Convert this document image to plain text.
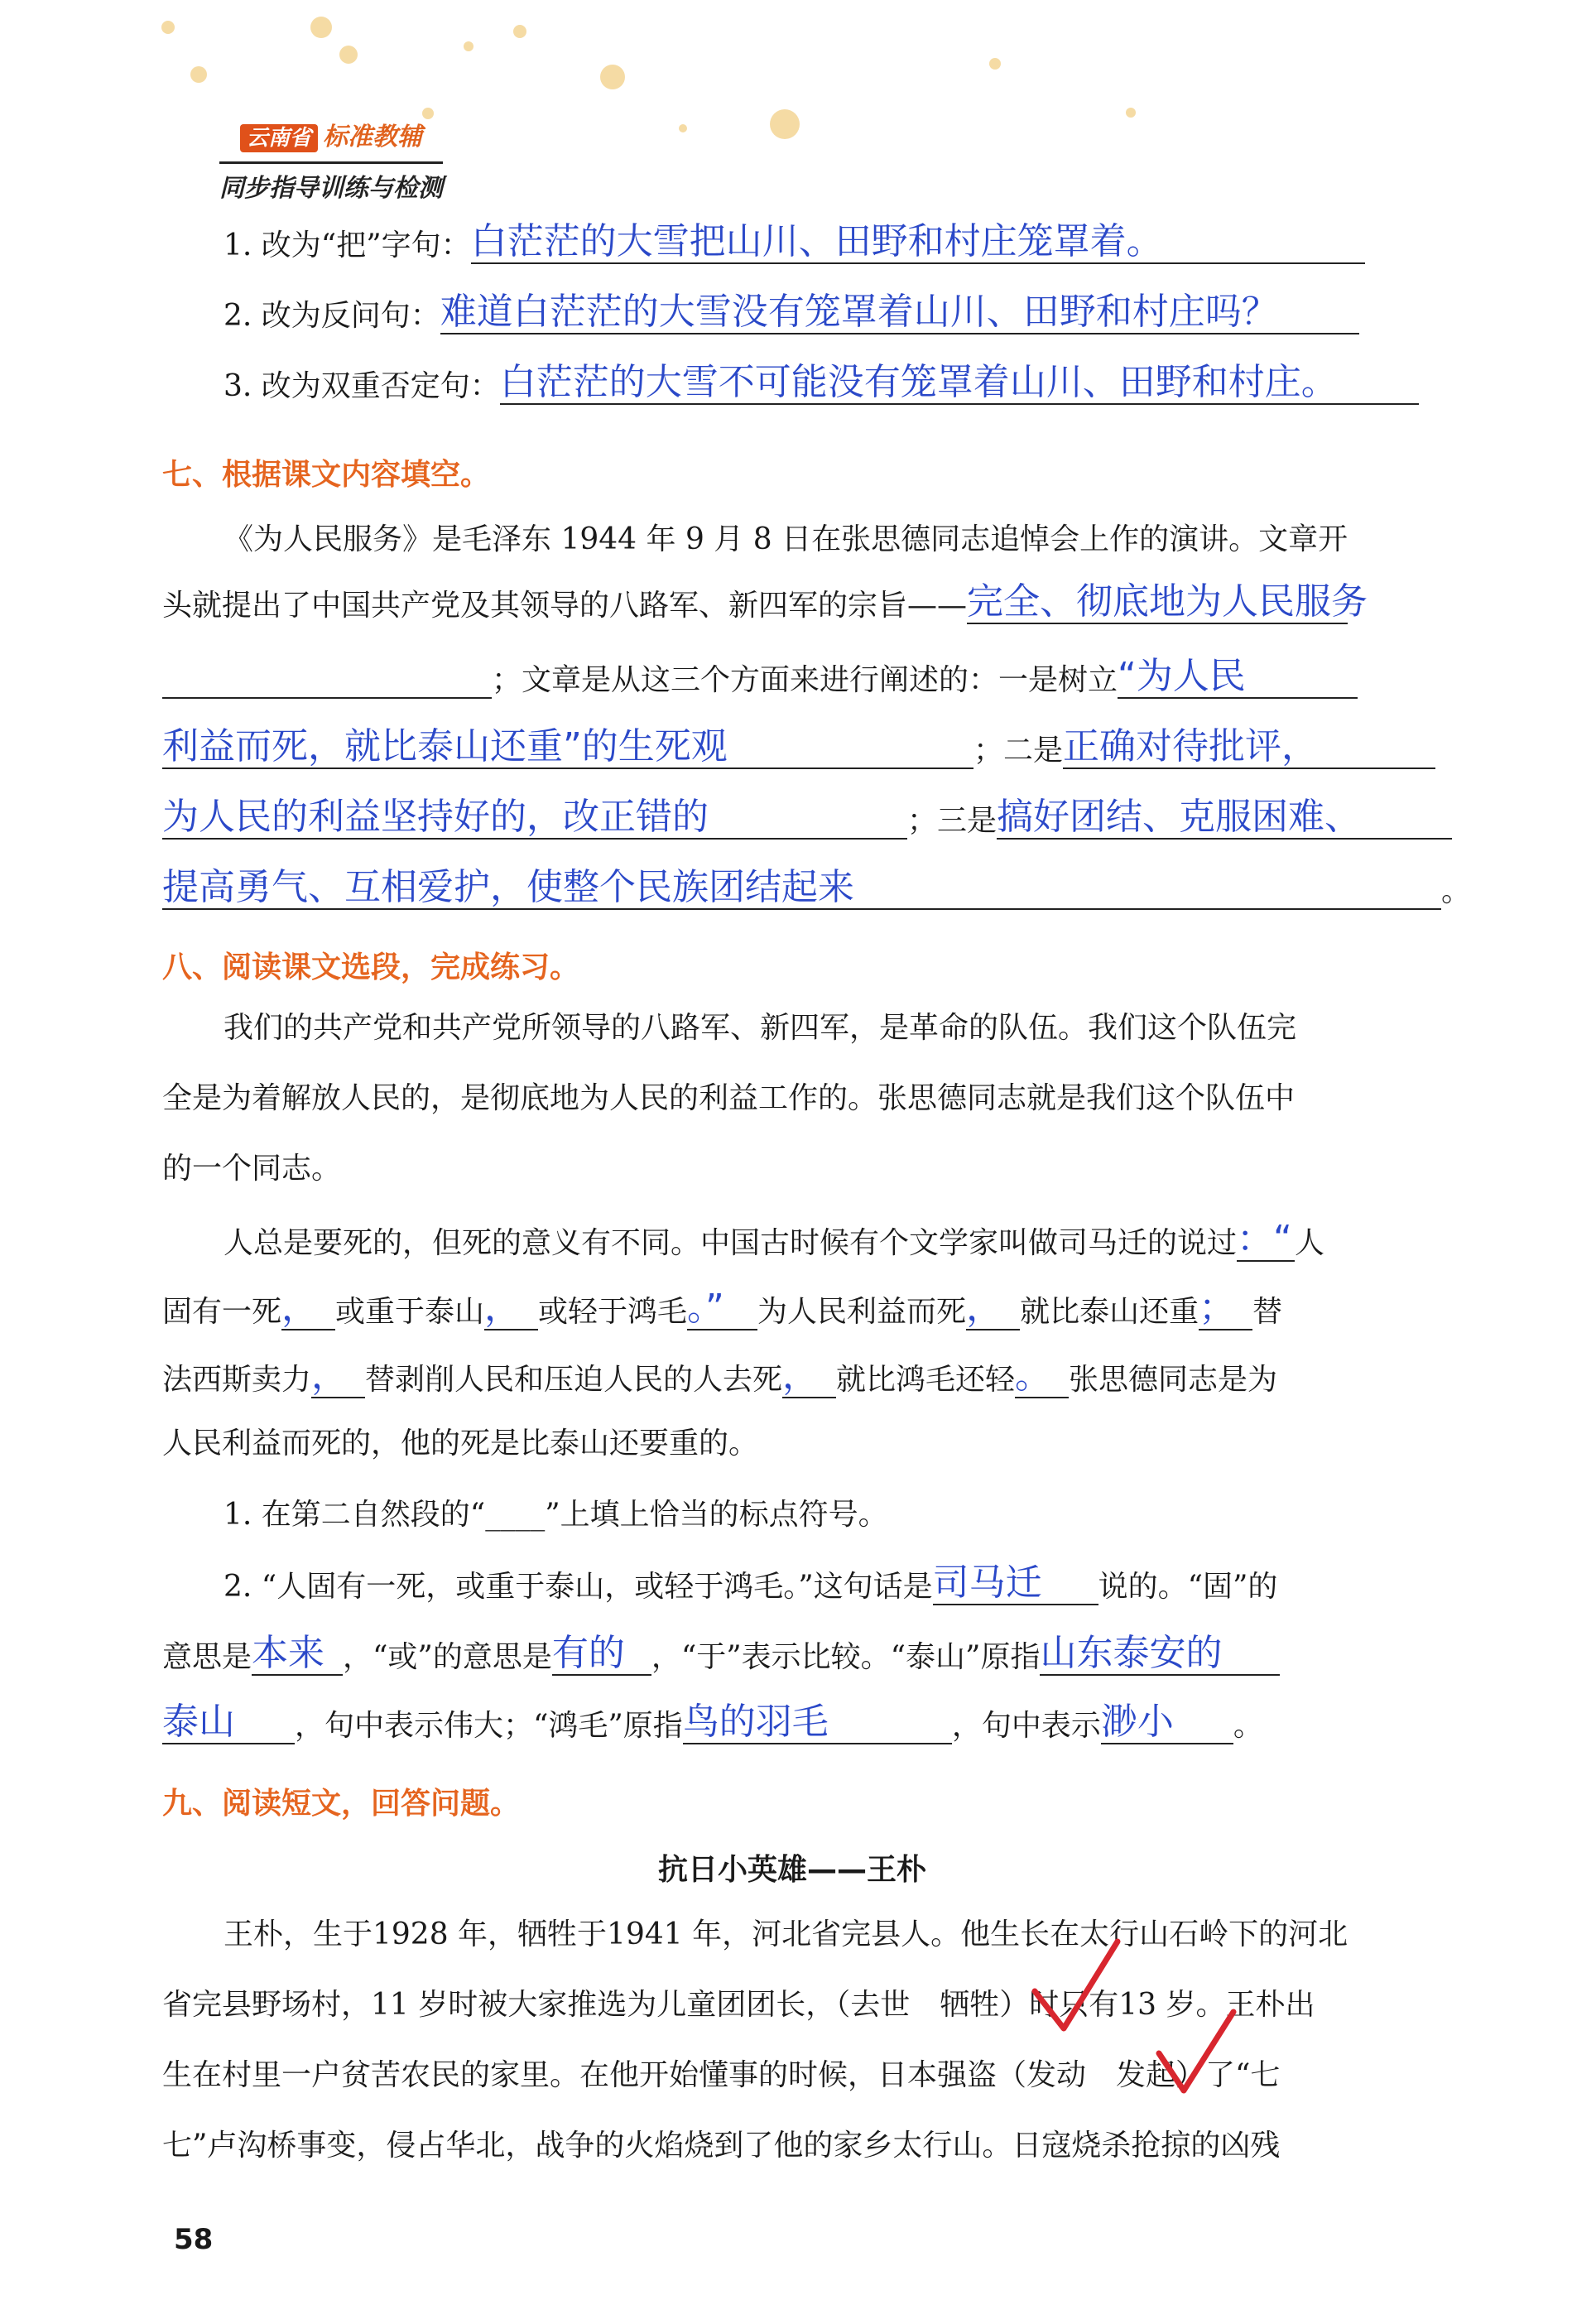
云南省 标准教辅
同步指导训练与检测
1. 改为“把”字句：白茫茫的大雪把山川、田野和村庄笼罩着。
2. 改为反问句：难道白茫茫的大雪没有笼罩着山川、田野和村庄吗？
3. 改为双重否定句：白茫茫的大雪不可能没有笼罩着山川、田野和村庄。
七、根据课文内容填空。
《为人民服务》是毛泽东 1944 年 9 月 8 日在张思德同志追悼会上作的演讲。文章开
头就提出了中国共产党及其领导的八路军、新四军的宗旨——完全、彻底地为人民服务
；文章是从这三个方面来进行阐述的：一是树立“为人民
利益而死，就比泰山还重”的生死观	；二是正确对待批评，
为人民的利益坚持好的，改正错的	；三是搞好团结、克服困难、
提高勇气、互相爱护，使整个民族团结起来	。
八、阅读课文选段，完成练习。
我们的共产党和共产党所领导的八路军、新四军，是革命的队伍。我们这个队伍完
全是为着解放人民的，是彻底地为人民的利益工作的。张思德同志就是我们这个队伍中
的一个同志。
人总是要死的，但死的意义有不同。中国古时候有个文学家叫做司马迁的说过：“人
固有一死， 或重于泰山， 或轻于鸿毛。” 为人民利益而死， 就比泰山还重； 替
法西斯卖力， 替剥削人民和压迫人民的人去死， 就比鸿毛还轻。 张思德同志是为
人民利益而死的，他的死是比泰山还要重的。
1. 在第二自然段的“____”上填上恰当的标点符号。
2. “人固有一死，或重于泰山，或轻于鸿毛。”这句话是司马迁 说的。“固”的
意思是本来 ，“或”的意思是有的 ，“于”表示比较。“泰山”原指山东泰安的
泰山 ，句中表示伟大；“鸿毛”原指鸟的羽毛	，句中表示渺小 。
九、阅读短文，回答问题。
抗日小英雄——王朴
王朴，生于1928 年，牺牲于1941 年，河北省完县人。他生长在太行山石岭下的河北
省完县野场村，11 岁时被大家推选为儿童团团长，（去世　牺牲）时只有13 岁。王朴出
生在村里一户贫苦农民的家里。在他开始懂事的时候，日本强盗（发动　发起）了“七
七”卢沟桥事变，侵占华北，战争的火焰烧到了他的家乡太行山。日寇烧杀抢掠的凶残
58
